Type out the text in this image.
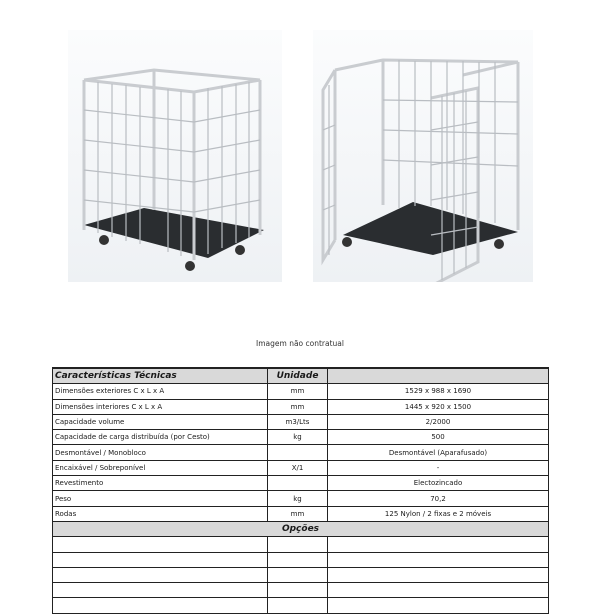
Imagem não contratual
Características Técnicas	Unidade	
Dimensões exteriores C x L x A	mm	1529 x 988 x 1690
Dimensões interiores C x L x A	mm	1445 x 920 x 1500
Capacidade volume	m3/Lts	2/2000
Capacidade de carga distribuída (por Cesto)	kg	500
Desmontável / Monobloco		Desmontável (Aparafusado)
Encaixável / Sobreponível	X/1	-
Revestimento		Electozincado
Peso	kg	70,2
Rodas	mm	125 Nylon / 2 fixas e 2 móveis
Opções		
